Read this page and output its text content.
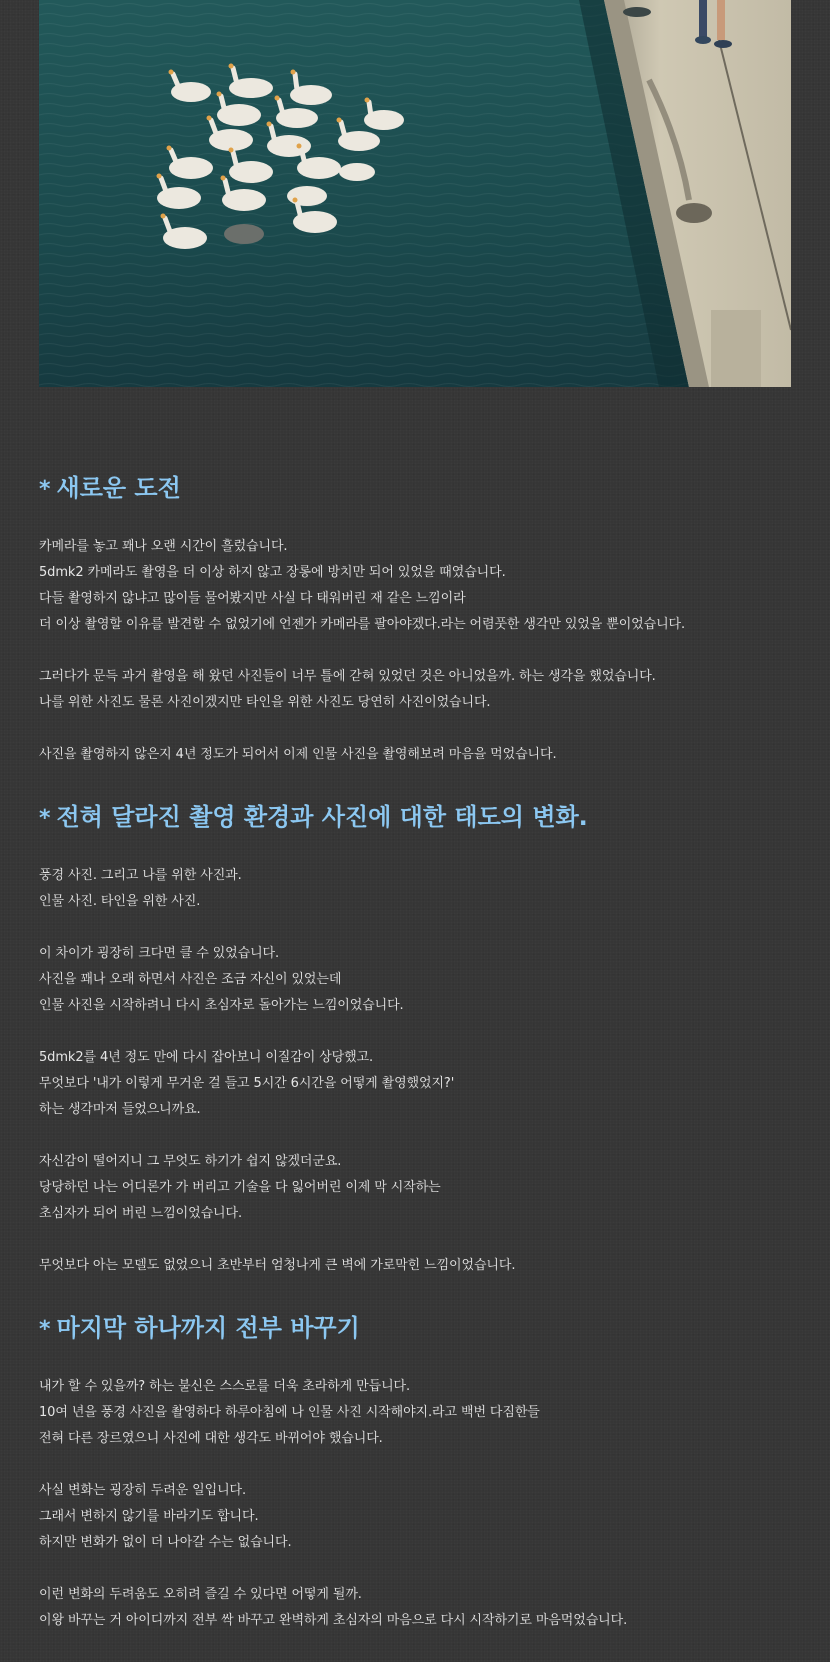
* 새로운 도전
카메라를 놓고 꽤나 오랜 시간이 흘렀습니다.
5dmk2 카메라도 촬영을 더 이상 하지 않고 장롱에 방치만 되어 있었을 때였습니다.
다들 촬영하지 않냐고 많이들 물어봤지만 사실 다 태워버린 재 같은 느낌이라
더 이상 촬영할 이유를 발견할 수 없었기에 언젠가 카메라를 팔아야겠다.라는 어렴풋한 생각만 있었을 뿐이었습니다.
그러다가 문득 과거 촬영을 해 왔던 사진들이 너무 틀에 갇혀 있었던 것은 아니었을까. 하는 생각을 했었습니다.
나를 위한 사진도 물론 사진이겠지만 타인을 위한 사진도 당연히 사진이었습니다.
사진을 촬영하지 않은지 4년 정도가 되어서 이제 인물 사진을 촬영해보려 마음을 먹었습니다.
* 전혀 달라진 촬영 환경과 사진에 대한 태도의 변화.
풍경 사진. 그리고 나를 위한 사진과.
인물 사진. 타인을 위한 사진.
이 차이가 굉장히 크다면 클 수 있었습니다.
사진을 꽤나 오래 하면서 사진은 조금 자신이 있었는데
인물 사진을 시작하려니 다시 초심자로 돌아가는 느낌이었습니다.
5dmk2를 4년 정도 만에 다시 잡아보니 이질감이 상당했고.
무엇보다 '내가 이렇게 무거운 걸 들고 5시간 6시간을 어떻게 촬영했었지?'
하는 생각마저 들었으니까요.
자신감이 떨어지니 그 무엇도 하기가 쉽지 않겠더군요.
당당하던 나는 어디론가 가 버리고 기술을 다 잃어버린 이제 막 시작하는
초심자가 되어 버린 느낌이었습니다.
무엇보다 아는 모델도 없었으니 초반부터 엄청나게 큰 벽에 가로막힌 느낌이었습니다.
* 마지막 하나까지 전부 바꾸기
내가 할 수 있을까? 하는 불신은 스스로를 더욱 초라하게 만듭니다.
10여 년을 풍경 사진을 촬영하다 하루아침에 나 인물 사진 시작해야지.라고 백번 다짐한들
전혀 다른 장르였으니 사진에 대한 생각도 바뀌어야 했습니다.
사실 변화는 굉장히 두려운 일입니다.
그래서 변하지 않기를 바라기도 합니다.
하지만 변화가 없이 더 나아갈 수는 없습니다.
이런 변화의 두려움도 오히려 즐길 수 있다면 어떻게 될까.
이왕 바꾸는 거 아이디까지 전부 싹 바꾸고 완벽하게 초심자의 마음으로 다시 시작하기로 마음먹었습니다.
